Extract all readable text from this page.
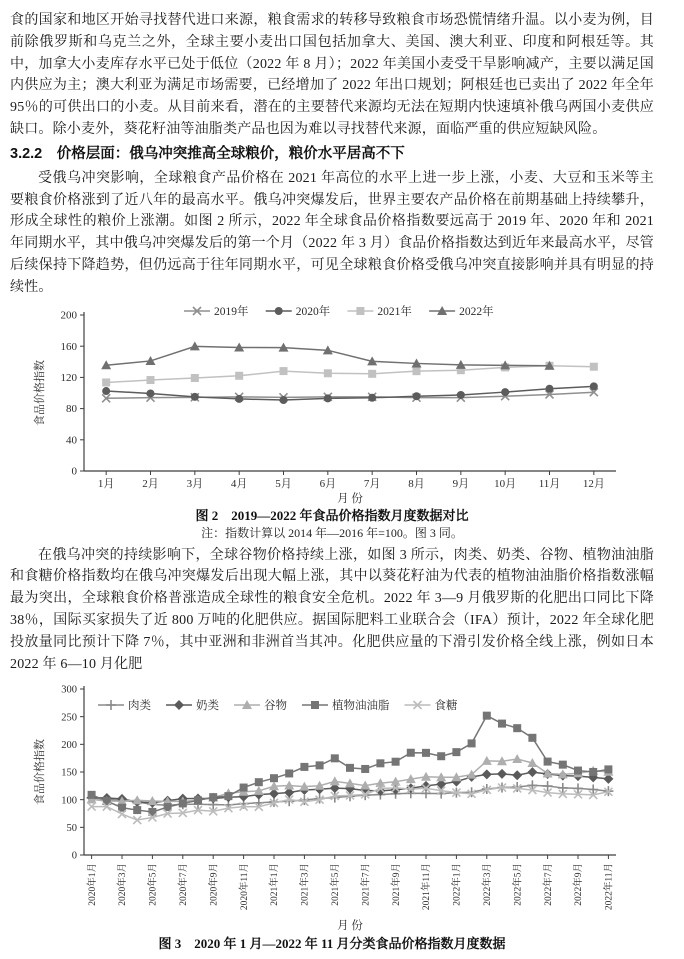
食的国家和地区开始寻找替代进口来源，粮食需求的转移导致粮食市场恐慌情绪升温。以小麦为例，目前除俄罗斯和乌克兰之外，全球主要小麦出口国包括加拿大、美国、澳大利亚、印度和阿根廷等。其中，加拿大小麦库存水平已处于低位（2022 年 8 月）；2022 年美国小麦受干旱影响减产，主要以满足国内供应为主；澳大利亚为满足市场需要，已经增加了 2022 年出口规划；阿根廷也已卖出了 2022 年全年 95％的可供出口的小麦。从目前来看，潜在的主要替代来源均无法在短期内快速填补俄乌两国小麦供应缺口。除小麦外，葵花籽油等油脂类产品也因为难以寻找替代来源，面临严重的供应短缺风险。

3.2.2　价格层面：俄乌冲突推高全球粮价，粮价水平居高不下

受俄乌冲突影响，全球粮食产品价格在 2021 年高位的水平上进一步上涨，小麦、大豆和玉米等主要粮食价格涨到了近八年的最高水平。俄乌冲突爆发后，世界主要农产品价格在前期基础上持续攀升，形成全球性的粮价上涨潮。如图 2 所示，2022 年全球食品价格指数要远高于 2019 年、2020 年和 2021 年同期水平，其中俄乌冲突爆发后的第一个月（2022 年 3 月）食品价格指数达到近年来最高水平，尽管后续保持下降趋势，但仍远高于往年同期水平，可见全球粮食价格受俄乌冲突直接影响并具有明显的持续性。

0
40
80
120
160
200
1月	2月	3月	4月	5月	6月	7月	8月	9月 10月 11月 12月
食品价格指数
月 份
2019年	2020年	2021年	2022年
图 2　2019—2022 年食品价格指数月度数据对比
注：指数计算以 2014 年—2016 年=100。图 3 同。

在俄乌冲突的持续影响下，全球谷物价格持续上涨，如图 3 所示，肉类、奶类、谷物、植物油油脂和食糖价格指数均在俄乌冲突爆发后出现大幅上涨，其中以葵花籽油为代表的植物油油脂价格指数涨幅最为突出，全球粮食价格普涨造成全球性的粮食安全危机。2022 年 3—9 月俄罗斯的化肥出口同比下降 38％，国际买家损失了近 800 万吨的化肥供应。据国际肥料工业联合会（IFA）预计，2022 年全球化肥投放量同比预计下降 7％，其中亚洲和非洲首当其冲。化肥供应量的下滑引发价格全线上涨，例如日本 2022 年 6—10 月化肥

0
50
100
150
200
250
300
2020年1月 2020年3月 2020年5月 2020年7月 2020年9月 2020年11月 2021年1月 2021年3月 2021年5月 2021年7月 2021年9月 2021年11月 2022年1月 2022年3月 2022年5月 2022年7月 2022年9月 2022年11月
食品价格指数
月 份
肉类	奶类	谷物	植物油油脂	食糖
图 3　2020 年 1 月—2022 年 11 月分类食品价格指数月度数据
